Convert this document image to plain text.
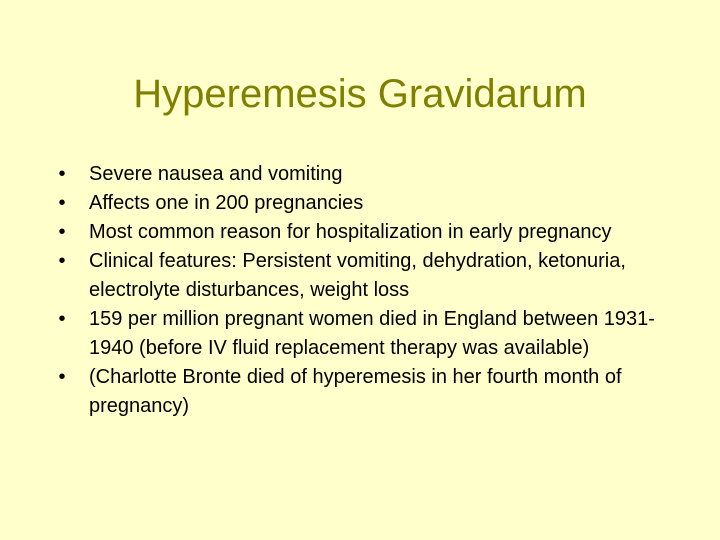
Hyperemesis Gravidarum
•	Severe nausea and vomiting
•	Affects one in 200 pregnancies
•	Most common reason for hospitalization in early pregnancy
•	Clinical features: Persistent vomiting, dehydration, ketonuria, electrolyte disturbances, weight loss
•	159 per million pregnant women died in England between 1931-1940 (before IV fluid replacement therapy was available)
•	(Charlotte Bronte died of hyperemesis in her fourth month of pregnancy)
